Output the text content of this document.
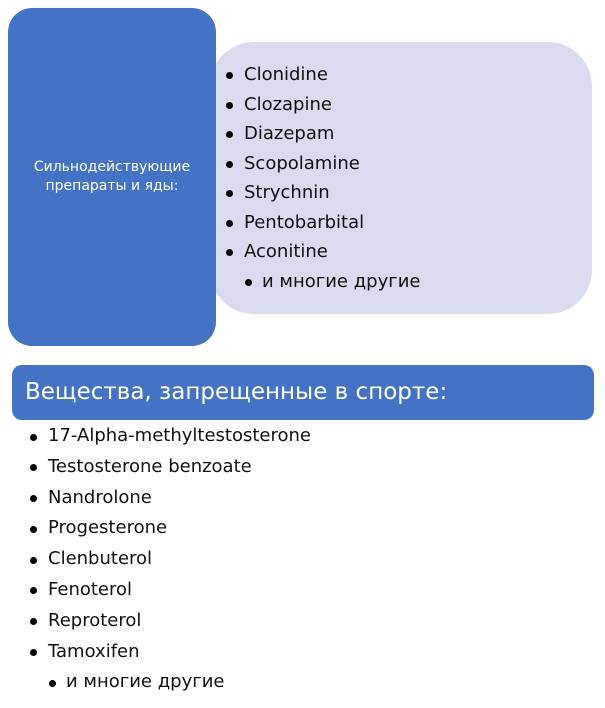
Сильнодействующие
препараты и яды:
Clonidine
Clozapine
Diazepam
Scopolamine
Strychnin
Pentobarbital
Aconitine
и многие другие
Вещества, запрещенные в спорте:
17-Alpha-methyltestosterone
Testosterone benzoate
Nandrolone
Progesterone
Clenbuterol
Fenoterol
Reproterol
Tamoxifen
и многие другие
